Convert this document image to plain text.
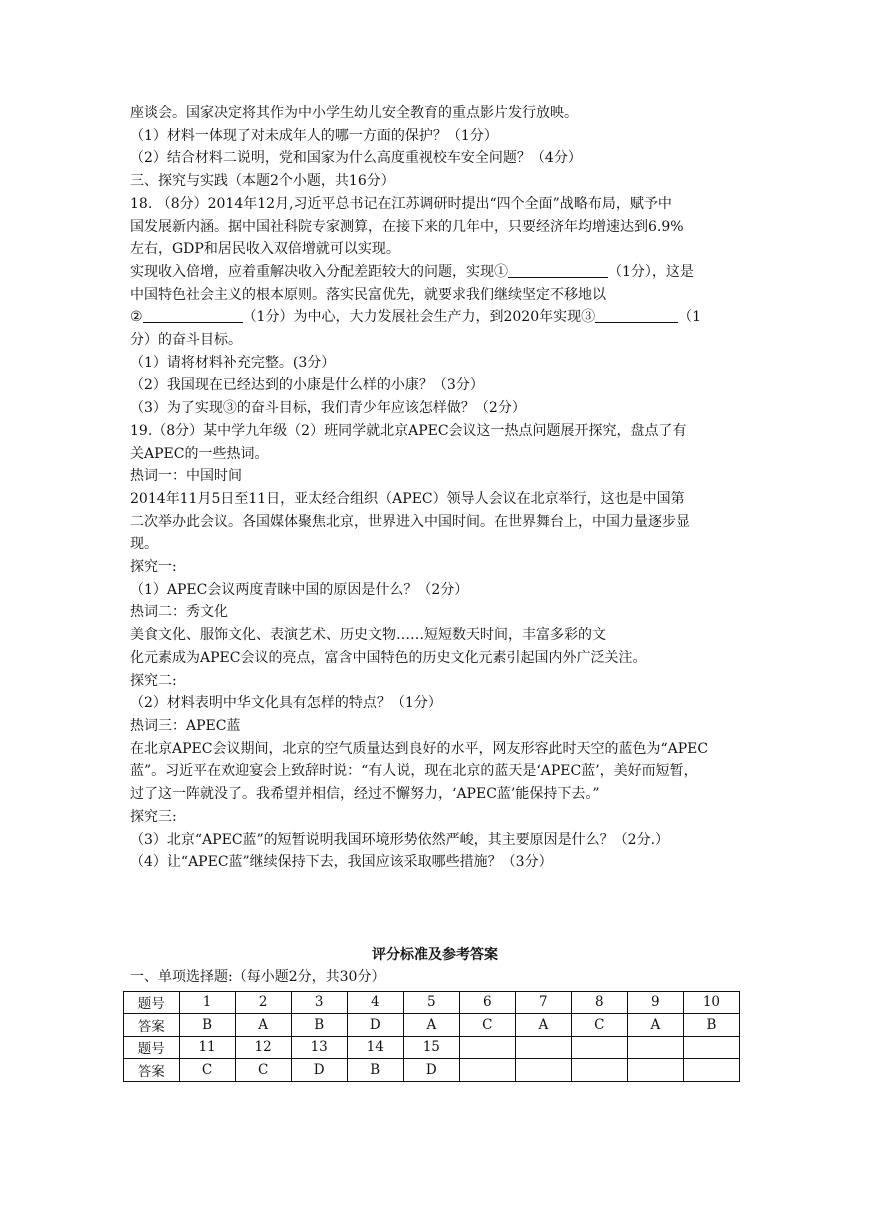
座谈会。国家决定将其作为中小学生幼儿安全教育的重点影片发行放映。
（1）材料一体现了对未成年人的哪一方面的保护？（1分）
（2）结合材料二说明，党和国家为什么高度重视校车安全问题？（4分）
三、探究与实践（本题2个小题，共16分）
18. （8分）2014年12月,习近平总书记在江苏调研时提出“四个全面”战略布局，赋予中
国发展新内涵。据中国社科院专家测算，在接下来的几年中，只要经济年均增速达到6.9%
左右，GDP和居民收入双倍增就可以实现。
实现收入倍增，应着重解决收入分配差距较大的问题，实现①	（1分），这是
中国特色社会主义的根本原则。落实民富优先，就要求我们继续坚定不移地以
②	（1分）为中心，大力发展社会生产力，到2020年实现③	（1
分）的奋斗目标。
（1）请将材料补充完整。(3分）
（2）我国现在已经达到的小康是什么样的小康？（3分）
（3）为了实现③的奋斗目标，我们青少年应该怎样做？（2分）
19.（8分）某中学九年级（2）班同学就北京APEC会议这一热点问题展开探究，盘点了有
关APEC的一些热词。
热词一：中国时间
2014年11月5日至11日，亚太经合组织（APEC）领导人会议在北京举行，这也是中国第
二次举办此会议。各国媒体聚焦北京，世界进入中国时间。在世界舞台上，中国力量逐步显
现。
探究一:
（1）APEC会议两度青睐中国的原因是什么？（2分）
热词二：秀文化
美食文化、服饰文化、表演艺术、历史文物……短短数天时间，丰富多彩的文
化元素成为APEC会议的亮点，富含中国特色的历史文化元素引起国内外广泛关注。
探究二:
（2）材料表明中华文化具有怎样的特点？（1分）
热词三：APEC蓝
在北京APEC会议期间，北京的空气质量达到良好的水平，网友形容此时天空的蓝色为“APEC
蓝”。习近平在欢迎宴会上致辞时说：“有人说，现在北京的蓝天是‘APEC蓝’，美好而短暂，
过了这一阵就没了。我希望并相信，经过不懈努力，‘APEC蓝’能保持下去。”
探究三:
（3）北京“APEC蓝”的短暂说明我国环境形势依然严峻，其主要原因是什么？（2分.）
（4）让“APEC蓝”继续保持下去，我国应该采取哪些措施？（3分）
评分标准及参考答案
一、单项选择题:（每小题2分，共30分）
题号	1	2	3	4	5	6	7	8	9	10
答案	B	A	B	D	A	C	A	C	A	B
题号	11	12	13	14	15					
答案	C	C	D	B	D					
